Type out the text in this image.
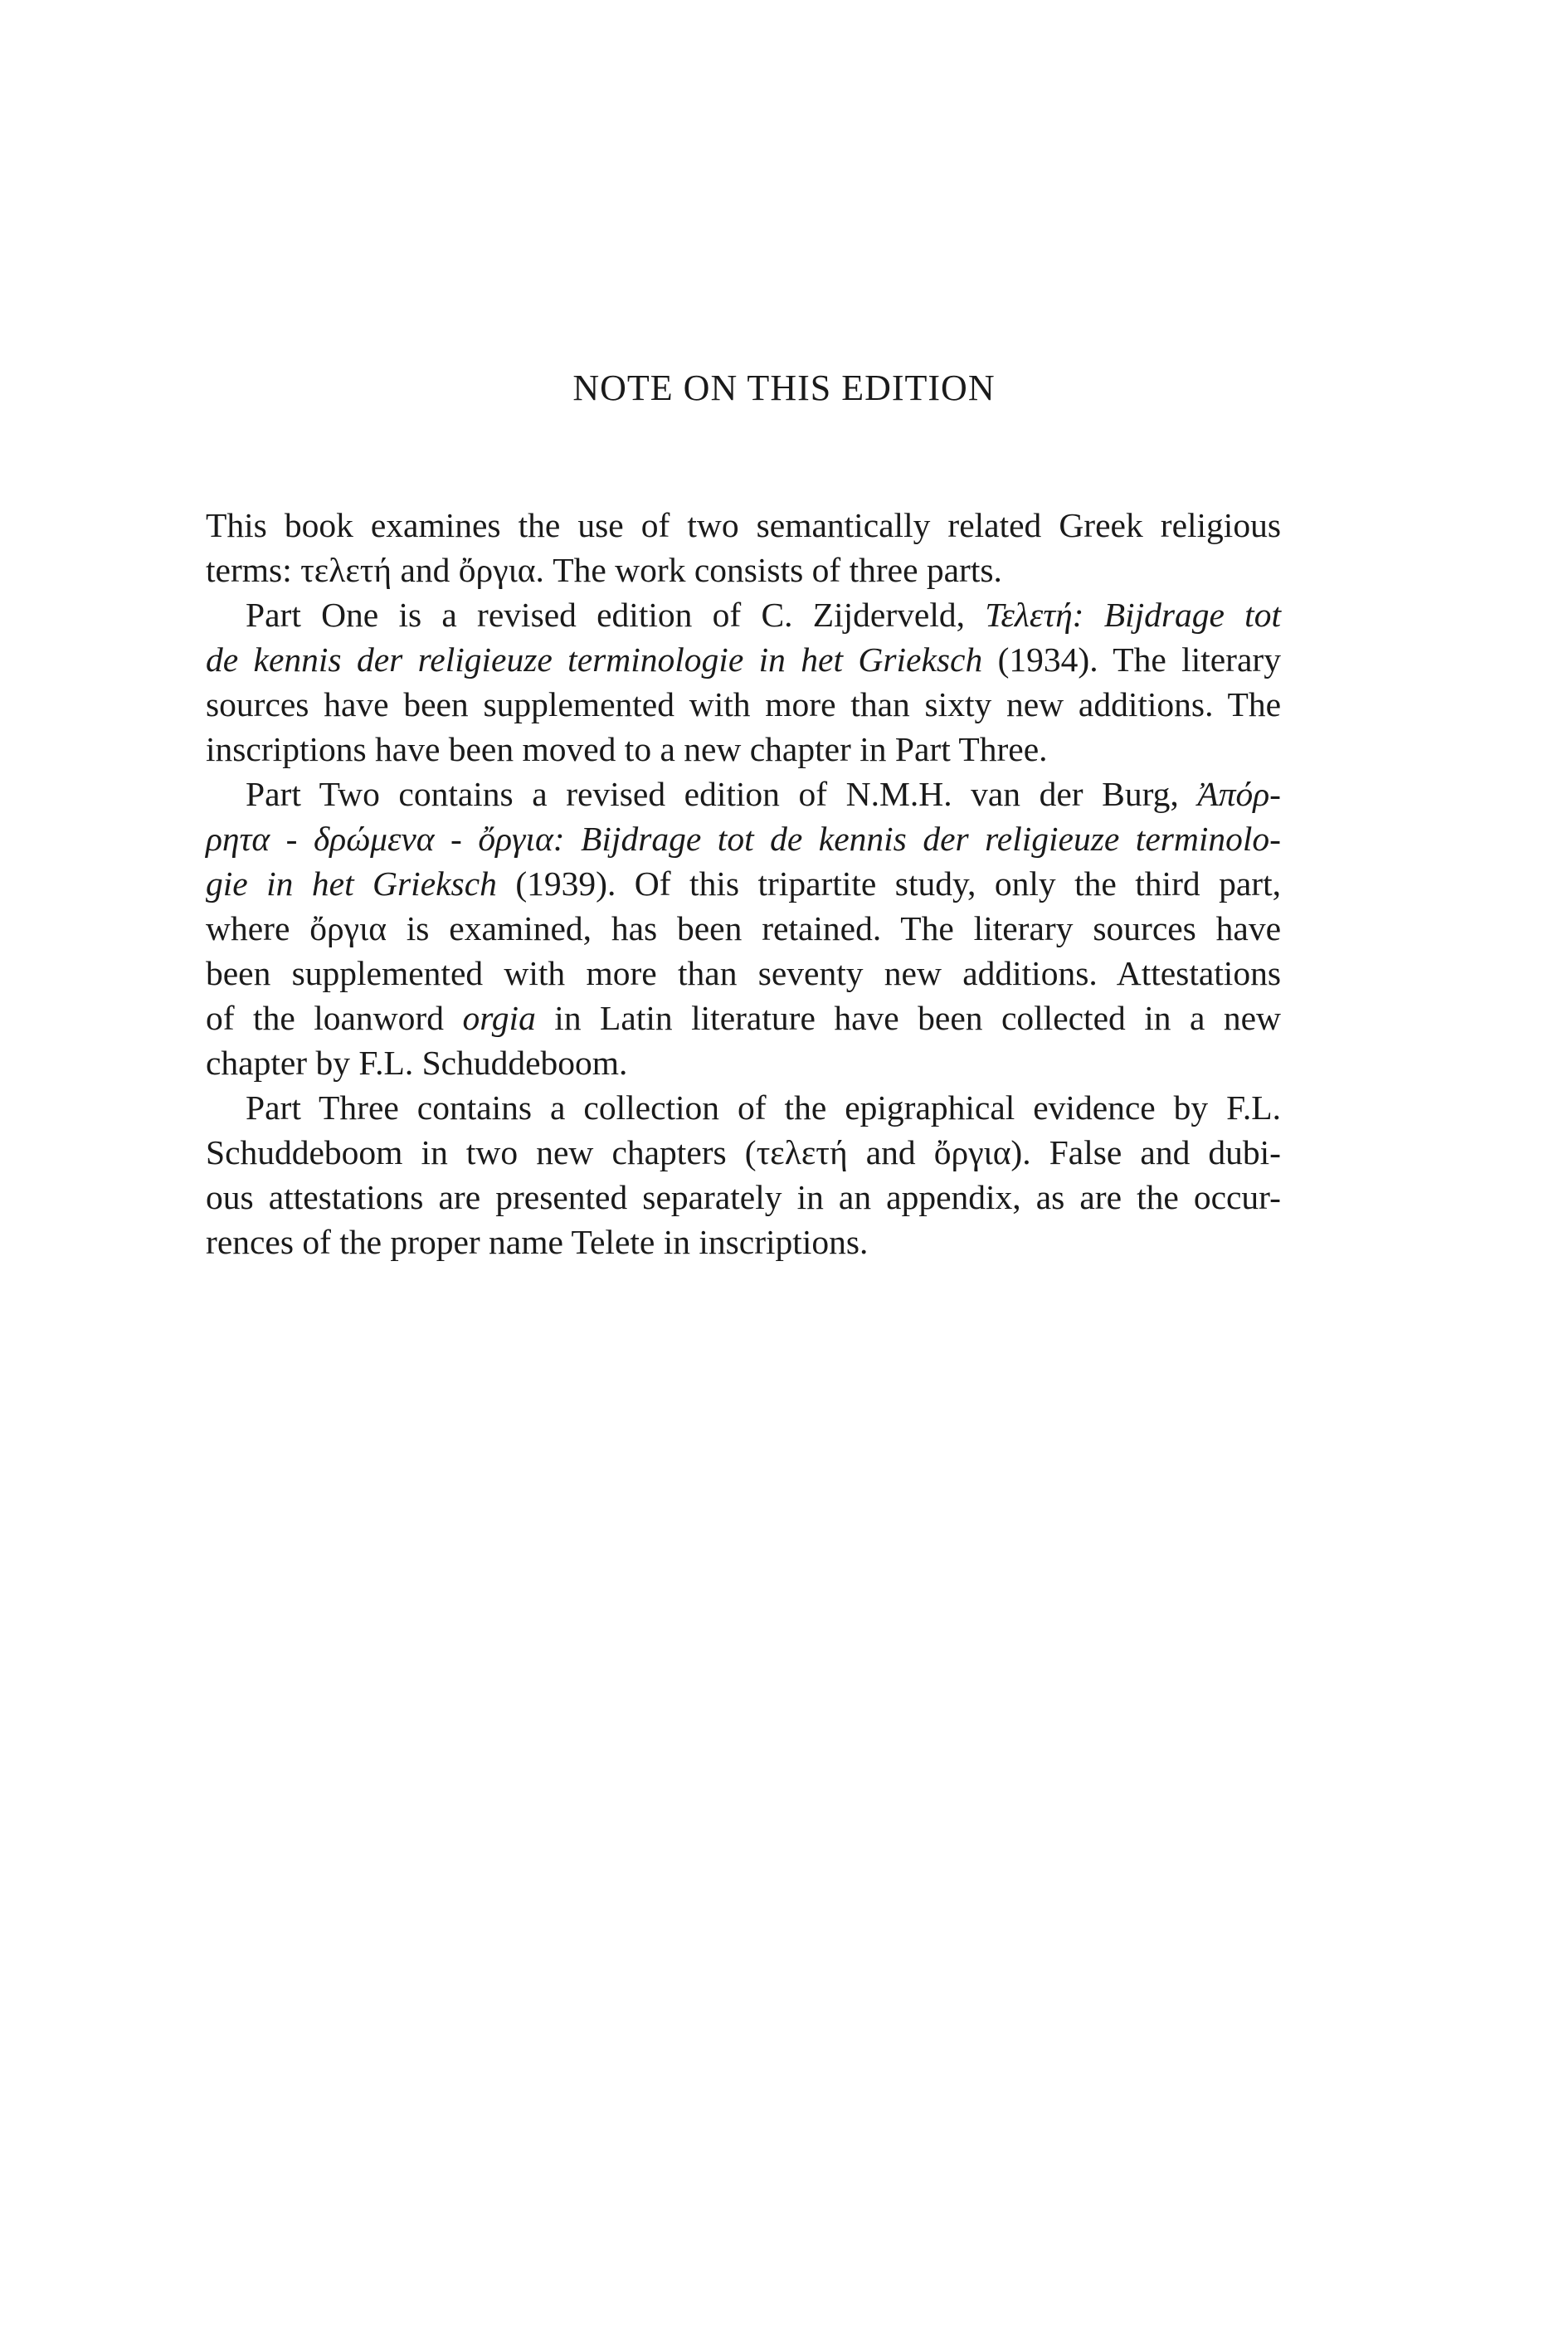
NOTE ON THIS EDITION
This book examines the use of two semantically related Greek religious
terms: τελετή and ὄργια. The work consists of three parts.
Part One is a revised edition of C. Zijderveld, Τελετή: Bijdrage tot
de kennis der religieuze terminologie in het Grieksch (1934). The literary
sources have been supplemented with more than sixty new additions. The
inscriptions have been moved to a new chapter in Part Three.
Part Two contains a revised edition of N.M.H. van der Burg, Ἀπόρ-
ρητα - δρώμενα - ὄργια: Bijdrage tot de kennis der religieuze terminolo-
gie in het Grieksch (1939). Of this tripartite study, only the third part,
where ὄργια is examined, has been retained. The literary sources have
been supplemented with more than seventy new additions. Attestations
of the loanword orgia in Latin literature have been collected in a new
chapter by F.L. Schuddeboom.
Part Three contains a collection of the epigraphical evidence by F.L.
Schuddeboom in two new chapters (τελετή and ὄργια). False and dubi-
ous attestations are presented separately in an appendix, as are the occur-
rences of the proper name Telete in inscriptions.
